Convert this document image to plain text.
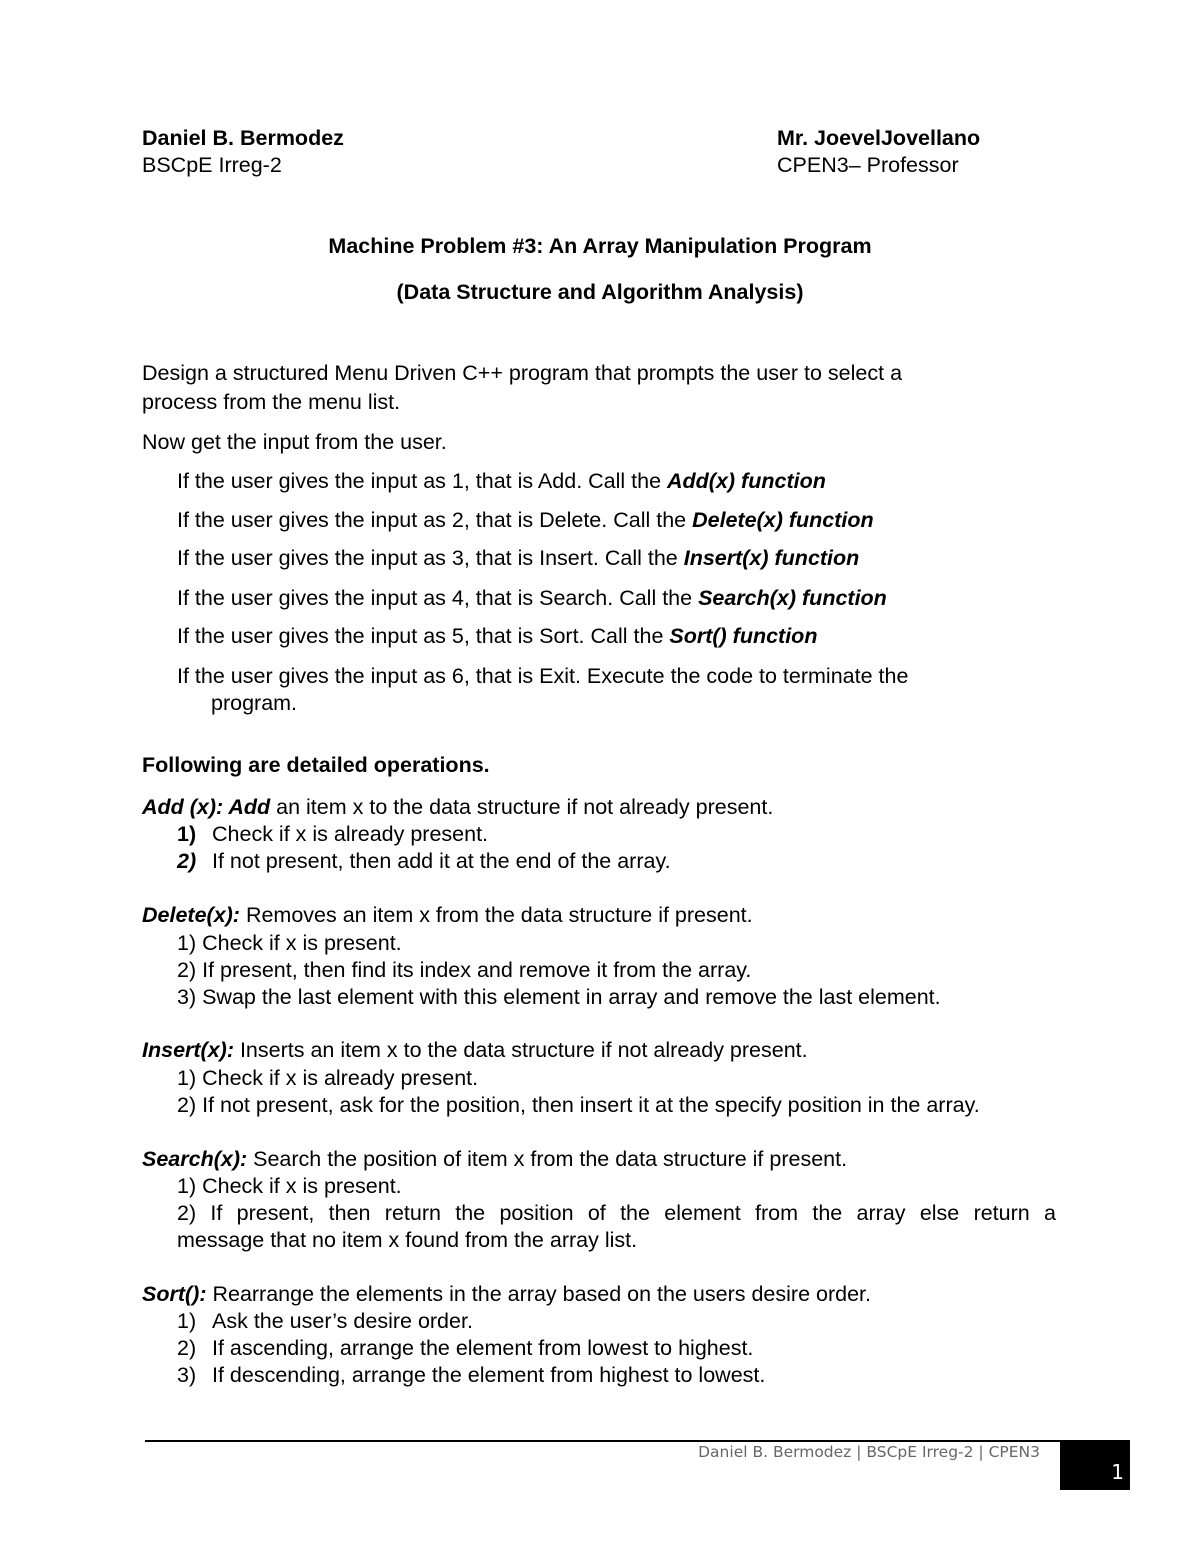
Daniel B. Bermodez
BSCpE Irreg-2
Mr. JoevelJovellano
CPEN3– Professor
Machine Problem #3: An Array Manipulation Program
(Data Structure and Algorithm Analysis)
Design a structured Menu Driven C++ program that prompts the user to select a
process from the menu list.
Now get the input from the user.
If the user gives the input as 1, that is Add. Call the Add(x) function
If the user gives the input as 2, that is Delete. Call the Delete(x) function
If the user gives the input as 3, that is Insert. Call the Insert(x) function
If the user gives the input as 4, that is Search. Call the Search(x) function
If the user gives the input as 5, that is Sort. Call the Sort() function
If the user gives the input as 6, that is Exit. Execute the code to terminate the
program.
Following are detailed operations.
Add (x): Add an item x to the data structure if not already present.
1) Check if x is already present.
2) If not present, then add it at the end of the array.
Delete(x): Removes an item x from the data structure if present.
1) Check if x is present.
2) If present, then find its index and remove it from the array.
3) Swap the last element with this element in array and remove the last element.
Insert(x): Inserts an item x to the data structure if not already present.
1) Check if x is already present.
2) If not present, ask for the position, then insert it at the specify position in the array.
Search(x): Search the position of item x from the data structure if present.
1) Check if x is present.
2) If present, then return the position of the element from the array else return a
message that no item x found from the array list.
Sort(): Rearrange the elements in the array based on the users desire order.
1) Ask the user’s desire order.
2) If ascending, arrange the element from lowest to highest.
3) If descending, arrange the element from highest to lowest.
Daniel B. Bermodez | BSCpE Irreg-2 | CPEN3
1
